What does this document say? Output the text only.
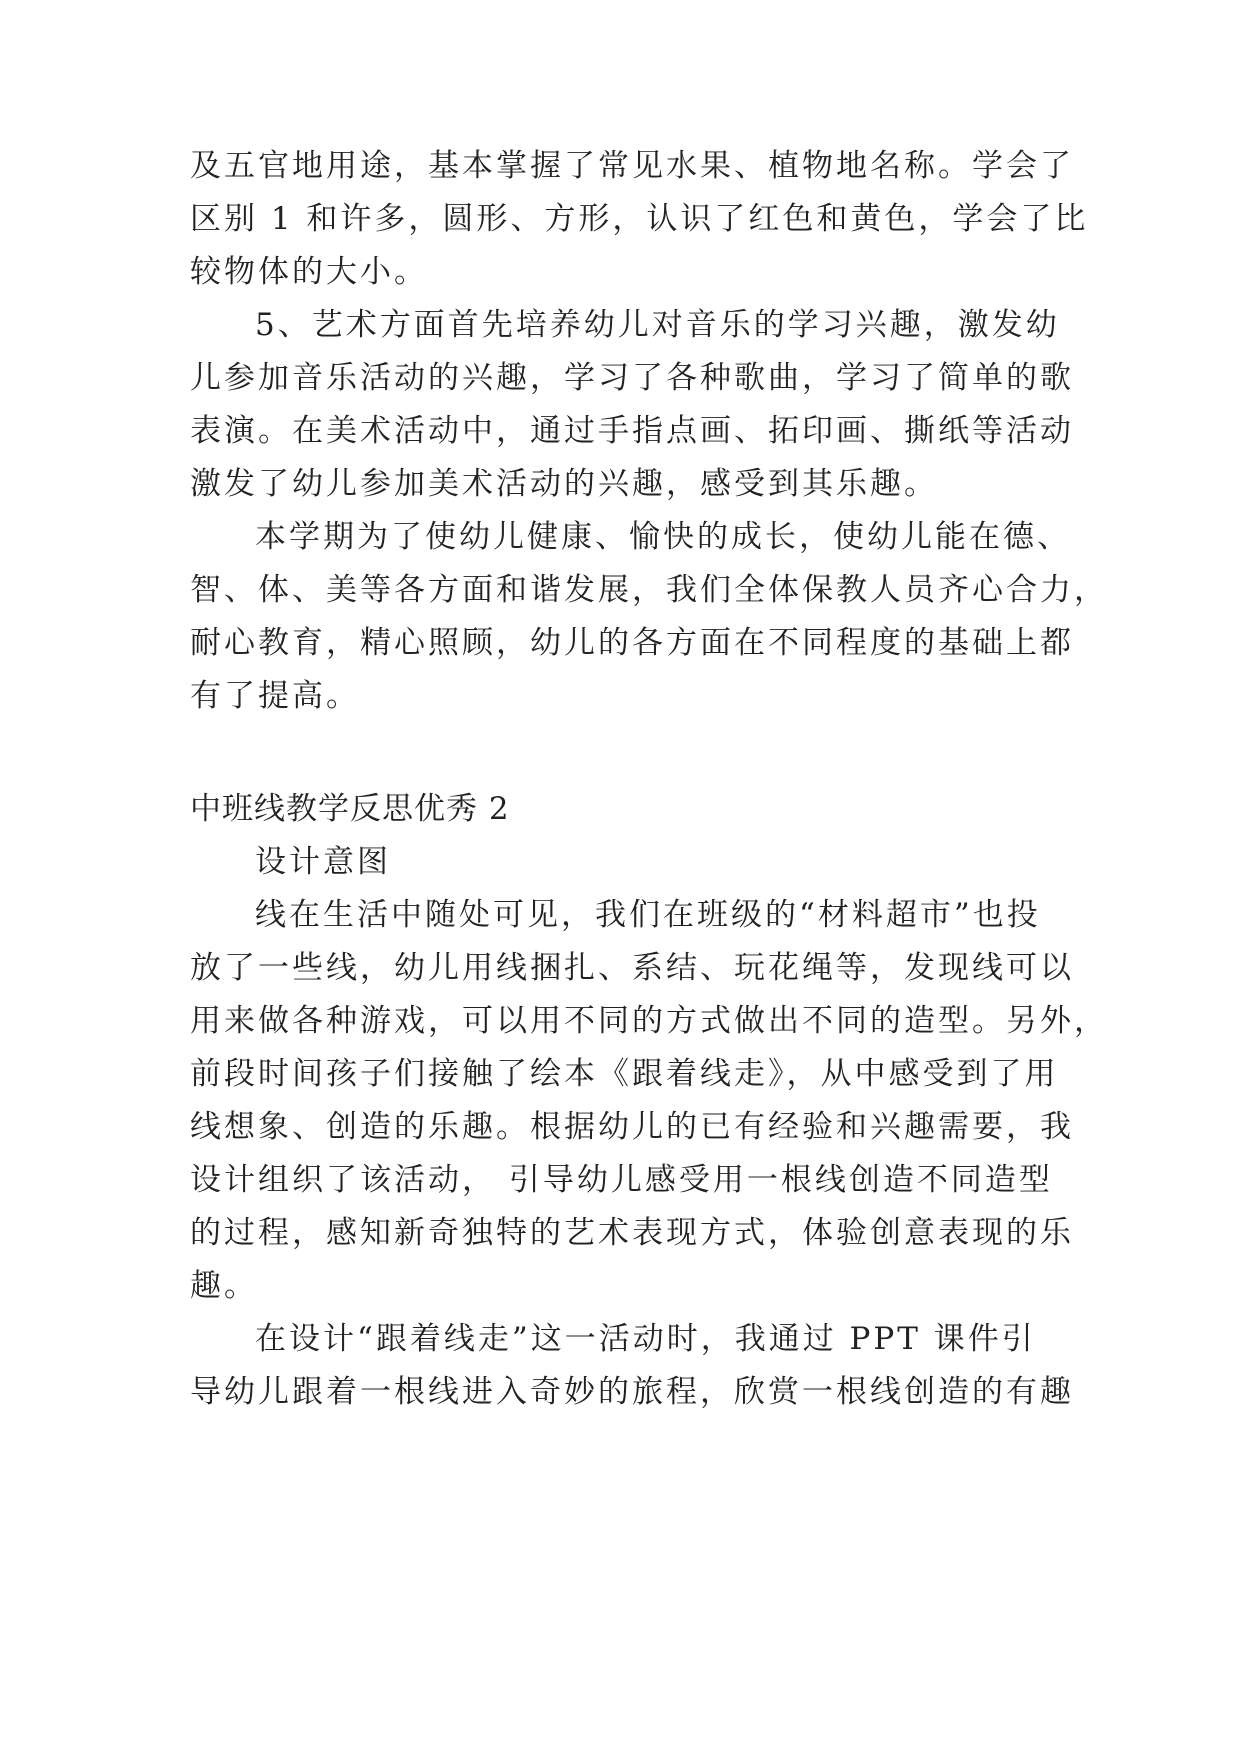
及五官地用途，基本掌握了常见水果、植物地名称。学会了
区别 1 和许多，圆形、方形，认识了红色和黄色，学会了比
较物体的大小。
5、艺术方面首先培养幼儿对音乐的学习兴趣，激发幼
儿参加音乐活动的兴趣，学习了各种歌曲，学习了简单的歌
表演。在美术活动中，通过手指点画、拓印画、撕纸等活动
激发了幼儿参加美术活动的兴趣，感受到其乐趣。
本学期为了使幼儿健康、愉快的成长，使幼儿能在德、
智、体、美等各方面和谐发展，我们全体保教人员齐心合力，
耐心教育，精心照顾，幼儿的各方面在不同程度的基础上都
有了提高。
中班线教学反思优秀 2
设计意图
线在生活中随处可见，我们在班级的“材料超市”也投
放了一些线，幼儿用线捆扎、系结、玩花绳等，发现线可以
用来做各种游戏，可以用不同的方式做出不同的造型。另外，
前段时间孩子们接触了绘本《跟着线走》，从中感受到了用
线想象、创造的乐趣。根据幼儿的已有经验和兴趣需要，我
设计组织了该活动， 引导幼儿感受用一根线创造不同造型
的过程，感知新奇独特的艺术表现方式，体验创意表现的乐
趣。
在设计“跟着线走”这一活动时，我通过 PPT 课件引
导幼儿跟着一根线进入奇妙的旅程，欣赏一根线创造的有趣
